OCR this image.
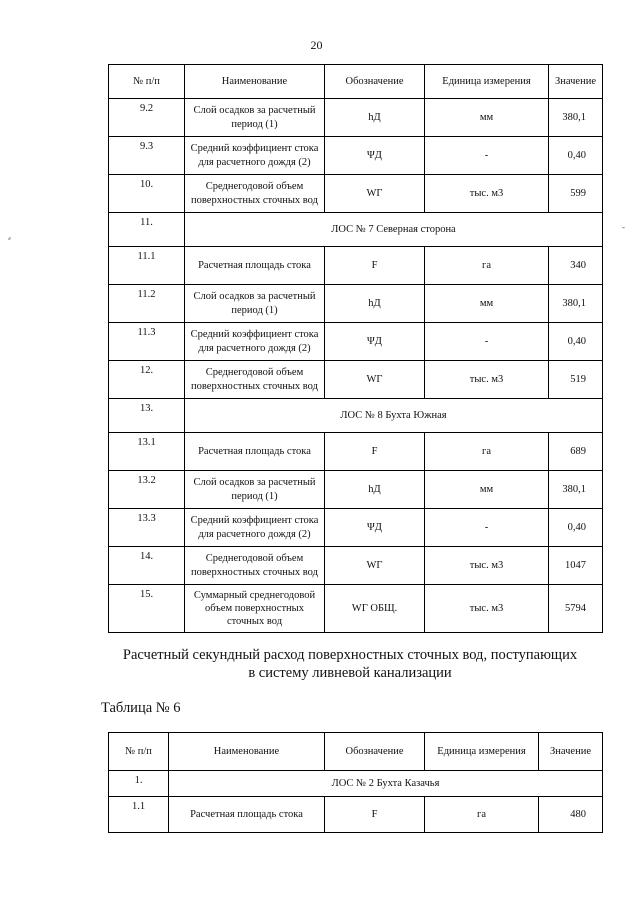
20
⸗
-
№ п/п	Наименование	Обозначение	Единица измерения	Значение
9.2	Слой осадков за расчетный период (1)	hД	мм	380,1
9.3	Средний коэффициент стока для расчетного дождя (2)	ΨД	-	0,40
10.	Среднегодовой объем поверхностных сточных вод	WГ	тыс. м3	599
11.	ЛОС № 7 Северная сторона			
11.1	Расчетная площадь стока	F	га	340
11.2	Слой осадков за расчетный период (1)	hД	мм	380,1
11.3	Средний коэффициент стока для расчетного дождя (2)	ΨД	-	0,40
12.	Среднегодовой объем поверхностных сточных вод	WГ	тыс. м3	519
13.	ЛОС № 8 Бухта Южная			
13.1	Расчетная площадь стока	F	га	689
13.2	Слой осадков за расчетный период (1)	hД	мм	380,1
13.3	Средний коэффициент стока для расчетного дождя (2)	ΨД	-	0,40
14.	Среднегодовой объем поверхностных сточных вод	WГ	тыс. м3	1047
15.	Суммарный среднегодовой объем поверхностных сточных вод	WГ ОБЩ.	тыс. м3	5794
Расчетный секундный расход поверхностных сточных вод, поступающих
в систему ливневой канализации
Таблица № 6
№ п/п	Наименование	Обозначение	Единица измерения	Значение
1.	ЛОС № 2 Бухта Казачья			
1.1	Расчетная площадь стока	F	га	480
